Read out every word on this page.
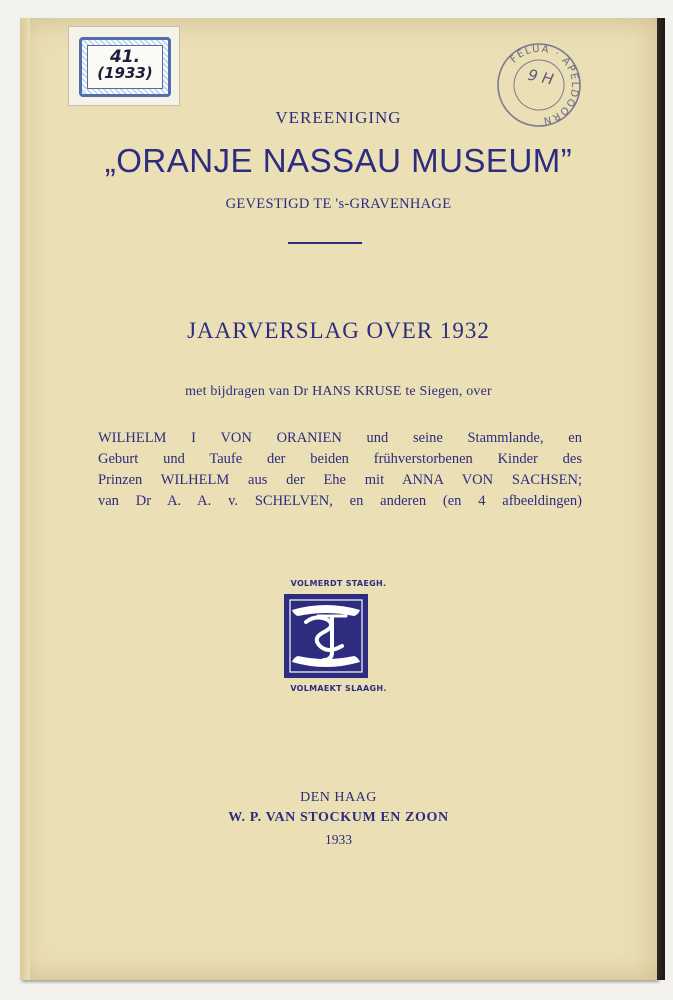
41.
(1933)
FELUA · APELDOORN
9 H
VEREENIGING
„ORANJE NASSAU MUSEUM”
GEVESTIGD TE 's-GRAVENHAGE
JAARVERSLAG OVER 1932
met bijdragen van Dr HANS KRUSE te Siegen, over
WILHELM I VON ORANIEN und seine Stammlande, en
Geburt und Taufe der beiden frühverstorbenen Kinder des
Prinzen WILHELM aus der Ehe mit ANNA VON SACHSEN;
van Dr A. A. v. SCHELVEN, en anderen (en 4 afbeeldingen)
VOLMERDT STAEGH.
1833
VOLMAEKT SLAAGH.
DEN HAAG
W. P. VAN STOCKUM EN ZOON
1933
